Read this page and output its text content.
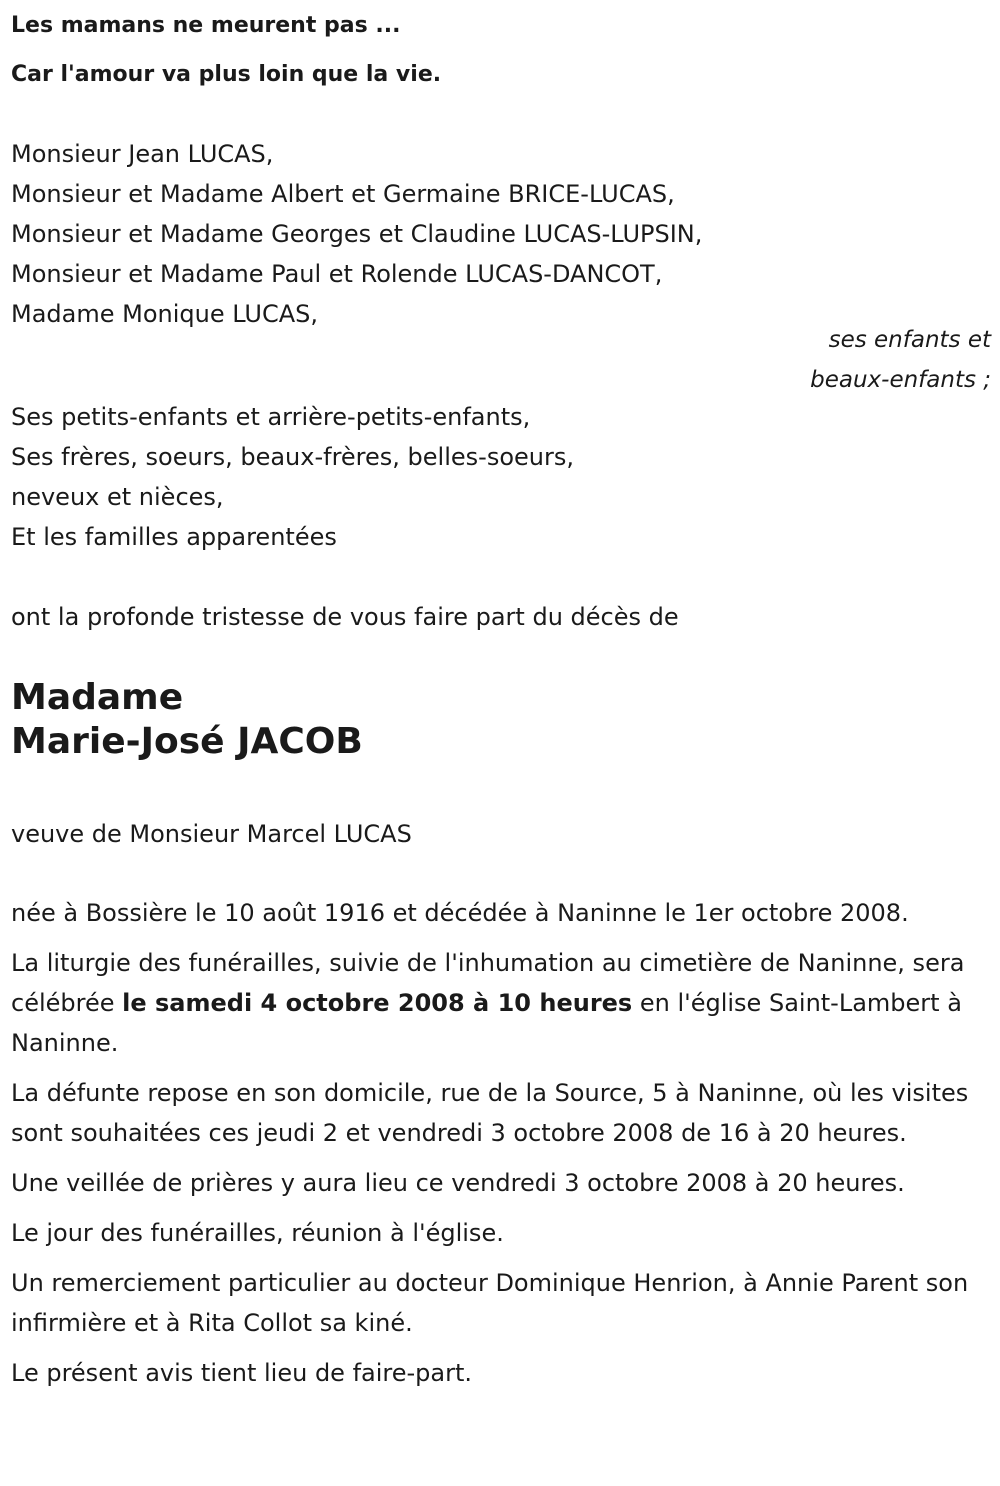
Les mamans ne meurent pas ...

Car l'amour va plus loin que la vie.

Monsieur Jean LUCAS,

Monsieur et Madame Albert et Germaine BRICE-LUCAS,

Monsieur et Madame Georges et Claudine LUCAS-LUPSIN,

Monsieur et Madame Paul et Rolende LUCAS-DANCOT,

Madame Monique LUCAS,

ses enfants et
beaux-enfants ;

Ses petits-enfants et arrière-petits-enfants,

Ses frères, soeurs, beaux-frères, belles-soeurs,

neveux et nièces,

Et les familles apparentées

ont la profonde tristesse de vous faire part du décès de

Madame
Marie-José JACOB

veuve de Monsieur Marcel LUCAS

née à Bossière le 10 août 1916 et décédée à Naninne le 1er octobre 2008.

La liturgie des funérailles, suivie de l'inhumation au cimetière de Naninne, sera célébrée le samedi 4 octobre 2008 à 10 heures en l'église Saint-Lambert à Naninne.

La défunte repose en son domicile, rue de la Source, 5 à Naninne, où les visites sont souhaitées ces jeudi 2 et vendredi 3 octobre 2008 de 16 à 20 heures.

Une veillée de prières y aura lieu ce vendredi 3 octobre 2008 à 20 heures.

Le jour des funérailles, réunion à l'église.

Un remerciement particulier au docteur Dominique Henrion, à Annie Parent son infirmière et à Rita Collot sa kiné.

Le présent avis tient lieu de faire-part.
